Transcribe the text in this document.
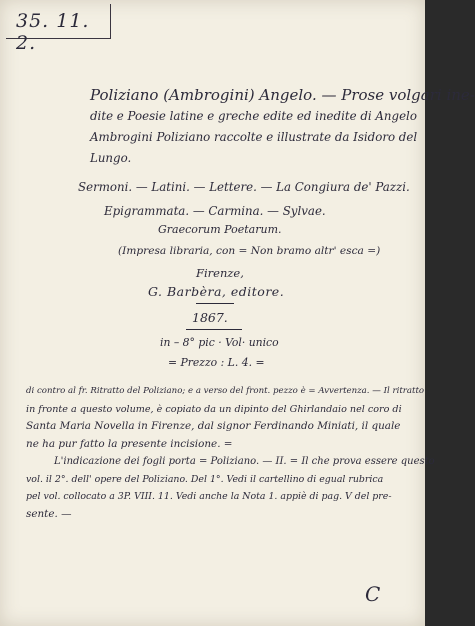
35. 11. 2.
Poliziano (Ambrogini) Angelo. — Prose volgari ine-
dite e Poesie latine e greche edite ed inedite di Angelo
Ambrogini Poliziano raccolte e illustrate da Isidoro del
Lungo.
Sermoni. — Latini. — Lettere. — La Congiura de' Pazzi.
Epigrammata. — Carmina. — Sylvae.
Graecorum Poetarum.
(Impresa libraria, con = Non bramo altr' esca =)
Firenze,
G. Barbèra, editore.
1867.
in – 8° pic · Vol· unico
= Prezzo : L. 4. =
di contro al fr. Ritratto del Poliziano; e a verso del front. pezzo è = Avvertenza. — Il ritratto
in fronte a questo volume, è copiato da un dipinto del Ghirlandaio nel coro di
Santa Maria Novella in Firenze, dal signor Ferdinando Miniati, il quale
ne ha pur fatto la presente incisione. =
L'indicazione dei fogli porta = Poliziano. — II. = Il che prova essere questo
vol. il 2°. dell' opere del Poliziano. Del 1°. Vedi il cartellino di egual rubrica
pel vol. collocato a 3P. VIII. 11. Vedi anche la Nota 1. appiè di pag. V del pre-
sente. —
C
